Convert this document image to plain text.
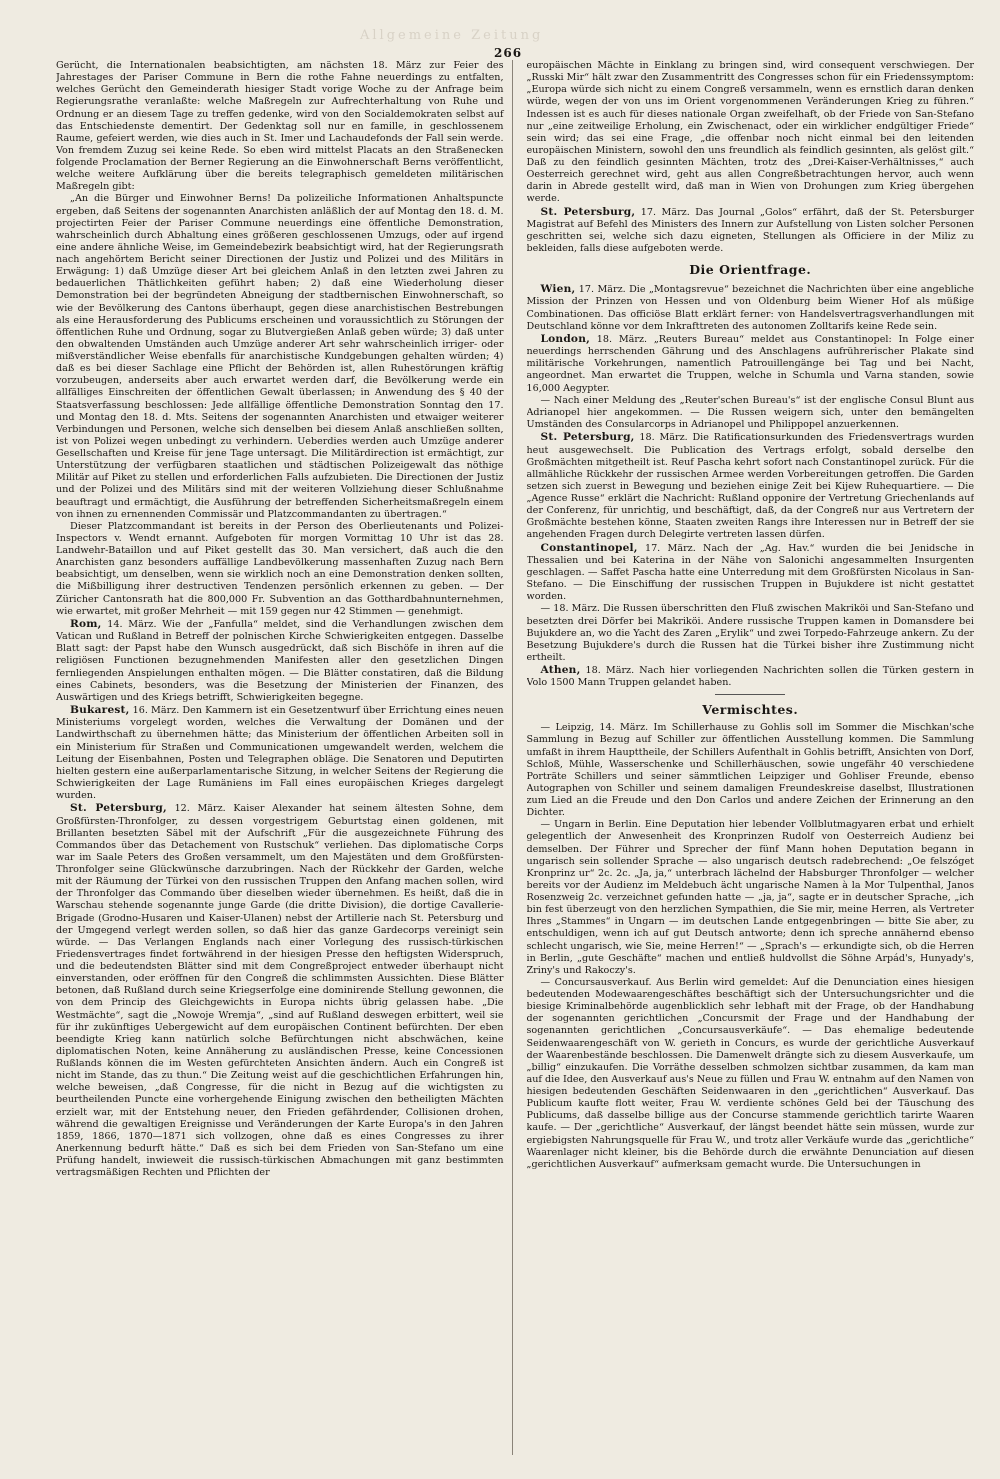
Allgemeine Zeitung
266

Gerücht, die Internationalen beabsichtigten, am nächsten 18. März zur Feier des Jahrestages der Pariser Commune in Bern die rothe Fahne neuerdings zu entfalten, welches Gerücht den Gemeinderath hiesiger Stadt vorige Woche zu der Anfrage beim Regierungsrathe veranlaßte: welche Maßregeln zur Aufrechterhaltung von Ruhe und Ordnung er an diesem Tage zu treffen gedenke, wird von den Socialdemokraten selbst auf das Entschiedenste dementirt. Der Gedenktag soll nur en famille, in geschlossenem Raume, gefeiert werden, wie dies auch in St. Imer und Lachaudefonds der Fall sein werde. Von fremdem Zuzug sei keine Rede. So eben wird mittelst Placats an den Straßenecken folgende Proclamation der Berner Regierung an die Einwohnerschaft Berns veröffentlicht, welche weitere Aufklärung über die bereits telegraphisch gemeldeten militärischen Maßregeln gibt:

„An die Bürger und Einwohner Berns! Da polizeiliche Informationen Anhaltspuncte ergeben, daß Seitens der sogenannten Anarchisten anläßlich der auf Montag den 18. d. M. projectirten Feier der Pariser Commune neuerdings eine öffentliche Demonstration, wahrscheinlich durch Abhaltung eines größeren geschlossenen Umzugs, oder auf irgend eine andere ähnliche Weise, im Gemeindebezirk beabsichtigt wird, hat der Regierungsrath nach angehörtem Bericht seiner Directionen der Justiz und Polizei und des Militärs in Erwägung: 1) daß Umzüge dieser Art bei gleichem Anlaß in den letzten zwei Jahren zu bedauerlichen Thätlichkeiten geführt haben; 2) daß eine Wiederholung dieser Demonstration bei der begründeten Abneigung der stadtbernischen Einwohnerschaft, so wie der Bevölkerung des Cantons überhaupt, gegen diese anarchistischen Bestrebungen als eine Herausforderung des Publicums erscheinen und voraussichtlich zu Störungen der öffentlichen Ruhe und Ordnung, sogar zu Blutvergießen Anlaß geben würde; 3) daß unter den obwaltenden Umständen auch Umzüge anderer Art sehr wahrscheinlich irriger- oder mißverständlicher Weise ebenfalls für anarchistische Kundgebungen gehalten würden; 4) daß es bei dieser Sachlage eine Pflicht der Behörden ist, allen Ruhestörungen kräftig vorzubeugen, anderseits aber auch erwartet werden darf, die Bevölkerung werde ein allfälliges Einschreiten der öffentlichen Gewalt überlassen; in Anwendung des § 40 der Staatsverfassung beschlossen: Jede allfällige öffentliche Demonstration Sonntag den 17. und Montag den 18. d. Mts. Seitens der sogenannten Anarchisten und etwaiger weiterer Verbindungen und Personen, welche sich denselben bei diesem Anlaß anschließen sollten, ist von Polizei wegen unbedingt zu verhindern. Ueberdies werden auch Umzüge anderer Gesellschaften und Kreise für jene Tage untersagt. Die Militärdirection ist ermächtigt, zur Unterstützung der verfügbaren staatlichen und städtischen Polizeigewalt das nöthige Militär auf Piket zu stellen und erforderlichen Falls aufzubieten. Die Directionen der Justiz und der Polizei und des Militärs sind mit der weiteren Vollziehung dieser Schlußnahme beauftragt und ermächtigt, die Ausführung der betreffenden Sicherheitsmaßregeln einem von ihnen zu ernennenden Commissär und Platzcommandanten zu übertragen.“

Dieser Platzcommandant ist bereits in der Person des Oberlieutenants und Polizei-Inspectors v. Wendt ernannt. Aufgeboten für morgen Vormittag 10 Uhr ist das 28. Landwehr-Bataillon und auf Piket gestellt das 30. Man versichert, daß auch die den Anarchisten ganz besonders auffällige Landbevölkerung massenhaften Zuzug nach Bern beabsichtigt, um denselben, wenn sie wirklich noch an eine Demonstration denken sollten, die Mißbilligung ihrer destructiven Tendenzen persönlich erkennen zu geben. — Der Züricher Cantonsrath hat die 800,000 Fr. Subvention an das Gotthardbahnunternehmen, wie erwartet, mit großer Mehrheit — mit 159 gegen nur 42 Stimmen — genehmigt.

Rom, 14. März. Wie der „Fanfulla“ meldet, sind die Verhandlungen zwischen dem Vatican und Rußland in Betreff der polnischen Kirche Schwierigkeiten entgegen. Dasselbe Blatt sagt: der Papst habe den Wunsch ausgedrückt, daß sich Bischöfe in ihren auf die religiösen Functionen bezugnehmenden Manifesten aller den gesetzlichen Dingen fernliegenden Anspielungen enthalten mögen. — Die Blätter constatiren, daß die Bildung eines Cabinets, besonders, was die Besetzung der Ministerien der Finanzen, des Auswärtigen und des Kriegs betrifft, Schwierigkeiten begegne.

Bukarest, 16. März. Den Kammern ist ein Gesetzentwurf über Errichtung eines neuen Ministeriums vorgelegt worden, welches die Verwaltung der Domänen und der Landwirthschaft zu übernehmen hätte; das Ministerium der öffentlichen Arbeiten soll in ein Ministerium für Straßen und Communicationen umgewandelt werden, welchem die Leitung der Eisenbahnen, Posten und Telegraphen obläge. Die Senatoren und Deputirten hielten gestern eine außerparlamentarische Sitzung, in welcher Seitens der Regierung die Schwierigkeiten der Lage Rumäniens im Fall eines europäischen Krieges dargelegt wurden.

St. Petersburg, 12. März. Kaiser Alexander hat seinem ältesten Sohne, dem Großfürsten-Thronfolger, zu dessen vorgestrigem Geburtstag einen goldenen, mit Brillanten besetzten Säbel mit der Aufschrift „Für die ausgezeichnete Führung des Commandos über das Detachement von Rustschuk“ verliehen. Das diplomatische Corps war im Saale Peters des Großen versammelt, um den Majestäten und dem Großfürsten-Thronfolger seine Glückwünsche darzubringen. Nach der Rückkehr der Garden, welche mit der Räumung der Türkei von den russischen Truppen den Anfang machen sollen, wird der Thronfolger das Commando über dieselben wieder übernehmen. Es heißt, daß die in Warschau stehende sogenannte junge Garde (die dritte Division), die dortige Cavallerie-Brigade (Grodno-Husaren und Kaiser-Ulanen) nebst der Artillerie nach St. Petersburg und der Umgegend verlegt werden sollen, so daß hier das ganze Gardecorps vereinigt sein würde. — Das Verlangen Englands nach einer Vorlegung des russisch-türkischen Friedensvertrages findet fortwährend in der hiesigen Presse den heftigsten Widerspruch, und die bedeutendsten Blätter sind mit dem Congreßproject entweder überhaupt nicht einverstanden, oder eröffnen für den Congreß die schlimmsten Aussichten. Diese Blätter betonen, daß Rußland durch seine Kriegserfolge eine dominirende Stellung gewonnen, die von dem Princip des Gleichgewichts in Europa nichts übrig gelassen habe. „Die Westmächte“, sagt die „Nowoje Wremja“, „sind auf Rußland deswegen erbittert, weil sie für ihr zukünftiges Uebergewicht auf dem europäischen Continent befürchten. Der eben beendigte Krieg kann natürlich solche Befürchtungen nicht abschwächen, keine diplomatischen Noten, keine Annäherung zu ausländischen Presse, keine Concessionen Rußlands können die im Westen gefürchteten Ansichten ändern. Auch ein Congreß ist nicht im Stande, das zu thun.“ Die Zeitung weist auf die geschichtlichen Erfahrungen hin, welche beweisen, „daß Congresse, für die nicht in Bezug auf die wichtigsten zu beurtheilenden Puncte eine vorhergehende Einigung zwischen den betheiligten Mächten erzielt war, mit der Entstehung neuer, den Frieden gefährdender, Collisionen drohen, während die gewaltigen Ereignisse und Veränderungen der Karte Europa's in den Jahren 1859, 1866, 1870—1871 sich vollzogen, ohne daß es eines Congresses zu ihrer Anerkennung bedurft hätte.“ Daß es sich bei dem Frieden von San-Stefano um eine Prüfung handelt, inwieweit die russisch-türkischen Abmachungen mit ganz bestimmten vertragsmäßigen Rechten und Pflichten der

europäischen Mächte in Einklang zu bringen sind, wird consequent verschwiegen. Der „Russki Mir“ hält zwar den Zusammentritt des Congresses schon für ein Friedenssymptom: „Europa würde sich nicht zu einem Congreß versammeln, wenn es ernstlich daran denken würde, wegen der von uns im Orient vorgenommenen Veränderungen Krieg zu führen.“ Indessen ist es auch für dieses nationale Organ zweifelhaft, ob der Friede von San-Stefano nur „eine zeitweilige Erholung, ein Zwischenact, oder ein wirklicher endgültiger Friede“ sein wird; das sei eine Frage, „die offenbar noch nicht einmal bei den leitenden europäischen Ministern, sowohl den uns freundlich als feindlich gesinnten, als gelöst gilt.“ Daß zu den feindlich gesinnten Mächten, trotz des „Drei-Kaiser-Verhältnisses,“ auch Oesterreich gerechnet wird, geht aus allen Congreßbetrachtungen hervor, auch wenn darin in Abrede gestellt wird, daß man in Wien von Drohungen zum Krieg übergehen werde.

St. Petersburg, 17. März. Das Journal „Golos“ erfährt, daß der St. Petersburger Magistrat auf Befehl des Ministers des Innern zur Aufstellung von Listen solcher Personen geschritten sei, welche sich dazu eigneten, Stellungen als Officiere in der Miliz zu bekleiden, falls diese aufgeboten werde.

Die Orientfrage.

Wien, 17. März. Die „Montagsrevue“ bezeichnet die Nachrichten über eine angebliche Mission der Prinzen von Hessen und von Oldenburg beim Wiener Hof als müßige Combinationen. Das officiöse Blatt erklärt ferner: von Handelsvertragsverhandlungen mit Deutschland könne vor dem Inkrafttreten des autonomen Zolltarifs keine Rede sein.

London, 18. März. „Reuters Bureau“ meldet aus Constantinopel: In Folge einer neuerdings herrschenden Gährung und des Anschlagens aufrührerischer Plakate sind militärische Vorkehrungen, namentlich Patrouillengänge bei Tag und bei Nacht, angeordnet. Man erwartet die Truppen, welche in Schumla und Varna standen, sowie 16,000 Aegypter.

— Nach einer Meldung des „Reuter'schen Bureau's“ ist der englische Consul Blunt aus Adrianopel hier angekommen. — Die Russen weigern sich, unter den bemängelten Umständen des Consularcorps in Adrianopel und Philippopel anzuerkennen.

St. Petersburg, 18. März. Die Ratificationsurkunden des Friedensvertrags wurden heut ausgewechselt. Die Publication des Vertrags erfolgt, sobald derselbe den Großmächten mitgetheilt ist. Reuf Pascha kehrt sofort nach Constantinopel zurück. Für die allmähliche Rückkehr der russischen Armee werden Vorbereitungen getroffen. Die Garden setzen sich zuerst in Bewegung und beziehen einige Zeit bei Kijew Ruhequartiere. — Die „Agence Russe“ erklärt die Nachricht: Rußland opponire der Vertretung Griechenlands auf der Conferenz, für unrichtig, und beschäftigt, daß, da der Congreß nur aus Vertretern der Großmächte bestehen könne, Staaten zweiten Rangs ihre Interessen nur in Betreff der sie angehenden Fragen durch Delegirte vertreten lassen dürfen.

Constantinopel, 17. März. Nach der „Ag. Hav.“ wurden die bei Jenidsche in Thessalien und bei Katerina in der Nähe von Salonichi angesammelten Insurgenten geschlagen. — Saffet Pascha hatte eine Unterredung mit dem Großfürsten Nicolaus in San-Stefano. — Die Einschiffung der russischen Truppen in Bujukdere ist nicht gestattet worden.

— 18. März. Die Russen überschritten den Fluß zwischen Makriköi und San-Stefano und besetzten drei Dörfer bei Makriköi. Andere russische Truppen kamen in Domansdere bei Bujukdere an, wo die Yacht des Zaren „Erylik“ und zwei Torpedo-Fahrzeuge ankern. Zu der Besetzung Bujukdere's durch die Russen hat die Türkei bisher ihre Zustimmung nicht ertheilt.

Athen, 18. März. Nach hier vorliegenden Nachrichten sollen die Türken gestern in Volo 1500 Mann Truppen gelandet haben.

Vermischtes.

— Leipzig, 14. März. Im Schillerhause zu Gohlis soll im Sommer die Mischkan'sche Sammlung in Bezug auf Schiller zur öffentlichen Ausstellung kommen. Die Sammlung umfaßt in ihrem Haupttheile, der Schillers Aufenthalt in Gohlis betrifft, Ansichten von Dorf, Schloß, Mühle, Wasserschenke und Schillerhäuschen, sowie ungefähr 40 verschiedene Porträte Schillers und seiner sämmtlichen Leipziger und Gohliser Freunde, ebenso Autographen von Schiller und seinem damaligen Freundeskreise daselbst, Illustrationen zum Lied an die Freude und den Don Carlos und andere Zeichen der Erinnerung an den Dichter.

— Ungarn in Berlin. Eine Deputation hier lebender Vollblutmagyaren erbat und erhielt gelegentlich der Anwesenheit des Kronprinzen Rudolf von Oesterreich Audienz bei demselben. Der Führer und Sprecher der fünf Mann hohen Deputation begann in ungarisch sein sollender Sprache — also ungarisch deutsch radebrechend: „Oe felszóget Kronprinz ur“ 2c. 2c. „Ja, ja,“ unterbrach lächelnd der Habsburger Thronfolger — welcher bereits vor der Audienz im Meldebuch ächt ungarische Namen à la Mor Tulpenthal, Janos Rosenzweig 2c. verzeichnet gefunden hatte — „ja, ja“, sagte er in deutscher Sprache, „ich bin fest überzeugt von den herzlichen Sympathien, die Sie mir, meine Herren, als Vertreter Ihres „Stammes“ in Ungarn — im deutschen Lande entgegenbringen — bitte Sie aber, zu entschuldigen, wenn ich auf gut Deutsch antworte; denn ich spreche annähernd ebenso schlecht ungarisch, wie Sie, meine Herren!“ — „Sprach's — erkundigte sich, ob die Herren in Berlin, „gute Geschäfte“ machen und entließ huldvollst die Söhne Arpád's, Hunyady's, Zriny's und Rakoczy's.

— Concursausverkauf. Aus Berlin wird gemeldet: Auf die Denunciation eines hiesigen bedeutenden Modewaarengeschäftes beschäftigt sich der Untersuchungsrichter und die biesige Kriminalbehörde augenblicklich sehr lebhaft mit der Frage, ob der Handhabung der sogenannten gerichtlichen „Concursmit der Frage und der Handhabung der sogenannten gerichtlichen „Concursausverkäufe“. — Das ehemalige bedeutende Seidenwaarengeschäft von W. gerieth in Concurs, es wurde der gerichtliche Ausverkauf der Waarenbestände beschlossen. Die Damenwelt drängte sich zu diesem Ausverkaufe, um „billig“ einzukaufen. Die Vorräthe desselben schmolzen sichtbar zusammen, da kam man auf die Idee, den Ausverkauf aus's Neue zu füllen und Frau W. entnahm auf den Namen von hiesigen bedeutenden Geschäften Seidenwaaren in den „gerichtlichen“ Ausverkauf. Das Publicum kaufte flott weiter, Frau W. verdiente schönes Geld bei der Täuschung des Publicums, daß dasselbe billige aus der Concurse stammende gerichtlich tarirte Waaren kaufe. — Der „gerichtliche“ Ausverkauf, der längst beendet hätte sein müssen, wurde zur ergiebigsten Nahrungsquelle für Frau W., und trotz aller Verkäufe wurde das „gerichtliche“ Waarenlager nicht kleiner, bis die Behörde durch die erwähnte Denunciation auf diesen „gerichtlichen Ausverkauf“ aufmerksam gemacht wurde. Die Untersuchungen in
